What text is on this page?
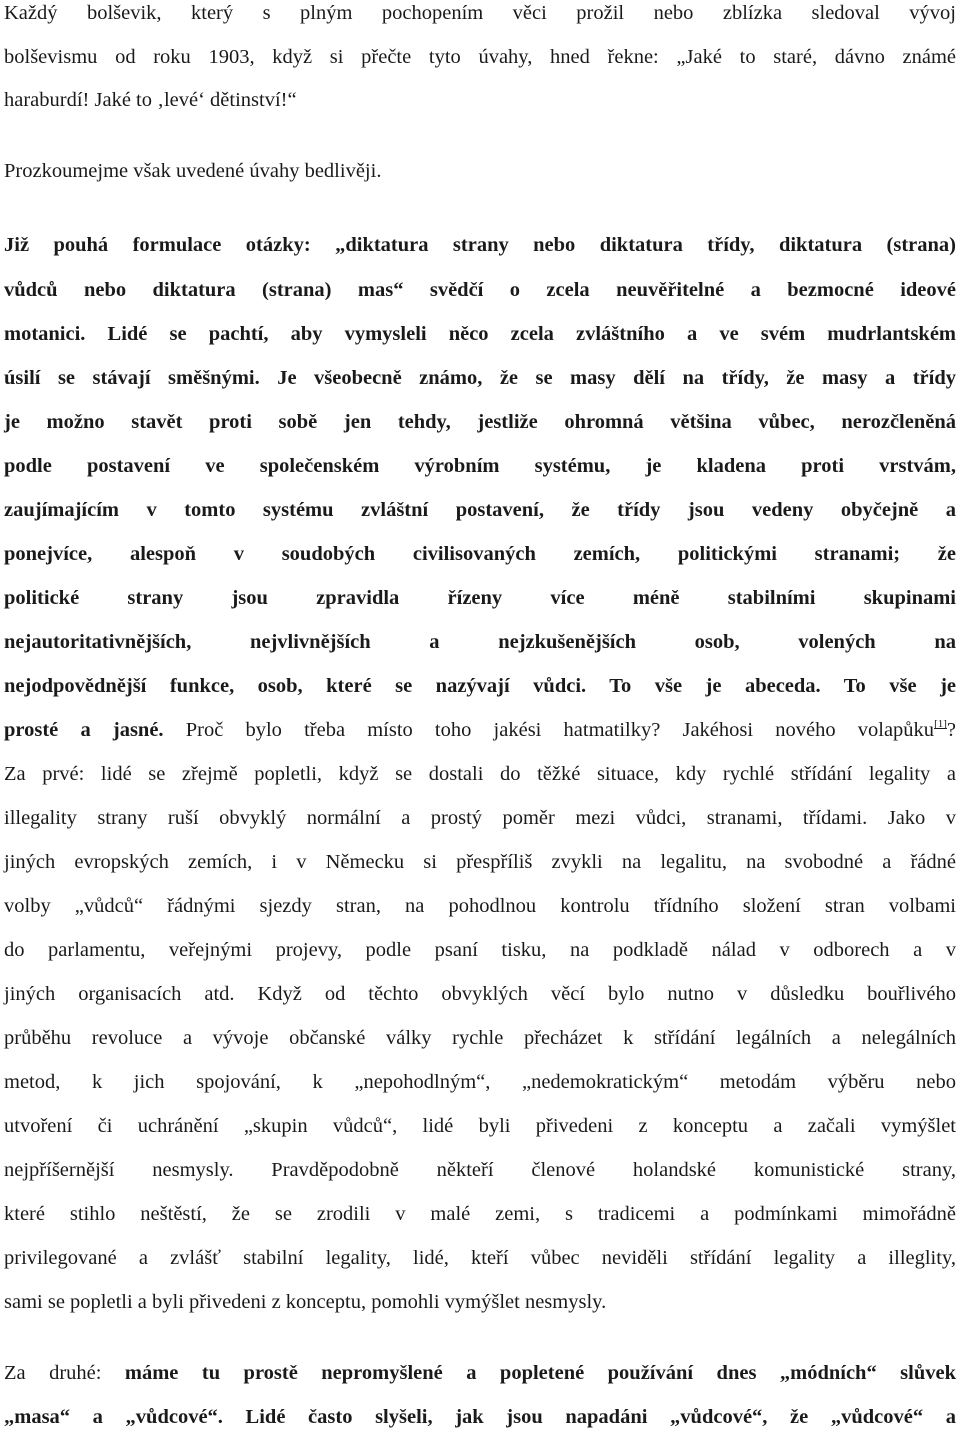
Každý bolševik, který s plným pochopením věci prožil nebo zblízka sledoval vývoj
bolševismu od roku 1903, když si přečte tyto úvahy, hned řekne: „Jaké to staré, dávno známé
haraburdí! Jaké to ‚levé‘ dětinství!“
Prozkoumejme však uvedené úvahy bedlivěji.
Již pouhá formulace otázky: „diktatura strany nebo diktatura třídy, diktatura (strana)
vůdců nebo diktatura (strana) mas“ svědčí o zcela neuvěřitelné a bezmocné ideové
motanici. Lidé se pachtí, aby vymysleli něco zcela zvláštního a ve svém mudrlantském
úsilí se stávají směšnými. Je všeobecně známo, že se masy dělí na třídy, že masy a třídy
je možno stavět proti sobě jen tehdy, jestliže ohromná většina vůbec, nerozčleněná
podle postavení ve společenském výrobním systému, je kladena proti vrstvám,
zaujímajícím v tomto systému zvláštní postavení, že třídy jsou vedeny obyčejně a
ponejvíce, alespoň v soudobých civilisovaných zemích, politickými stranami; že
politické strany jsou zpravidla řízeny více méně stabilními skupinami
nejautoritativnějších, nejvlivnějších a nejzkušenějších osob, volených na
nejodpovědnější funkce, osob, které se nazývají vůdci. To vše je abeceda. To vše je
prosté a jasné. Proč bylo třeba místo toho jakési hatmatilky? Jakéhosi nového volapůku[1]?
Za prvé: lidé se zřejmě popletli, když se dostali do těžké situace, kdy rychlé střídání legality a
illegality strany ruší obvyklý normální a prostý poměr mezi vůdci, stranami, třídami. Jako v
jiných evropských zemích, i v Německu si přespříliš zvykli na legalitu, na svobodné a řádné
volby „vůdců“ řádnými sjezdy stran, na pohodlnou kontrolu třídního složení stran volbami
do parlamentu, veřejnými projevy, podle psaní tisku, na podkladě nálad v odborech a v
jiných organisacích atd. Když od těchto obvyklých věcí bylo nutno v důsledku bouřlivého
průběhu revoluce a vývoje občanské války rychle přecházet k střídání legálních a nelegálních
metod, k jich spojování, k „nepohodlným“, „nedemokratickým“ metodám výběru nebo
utvoření či uchránění „skupin vůdců“, lidé byli přivedeni z konceptu a začali vymýšlet
nejpříšernější nesmysly. Pravděpodobně někteří členové holandské komunistické strany,
které stihlo neštěstí, že se zrodili v malé zemi, s tradicemi a podmínkami mimořádně
privilegované a zvlášť stabilní legality, lidé, kteří vůbec neviděli střídání legality a illeglity,
sami se popletli a byli přivedeni z konceptu, pomohli vymýšlet nesmysly.
Za druhé: máme tu prostě nepromyšlené a popletené používání dnes „módních“ slůvek
„masa“ a „vůdcové“. Lidé často slyšeli, jak jsou napadáni „vůdcové“, že „vůdcové“ a
